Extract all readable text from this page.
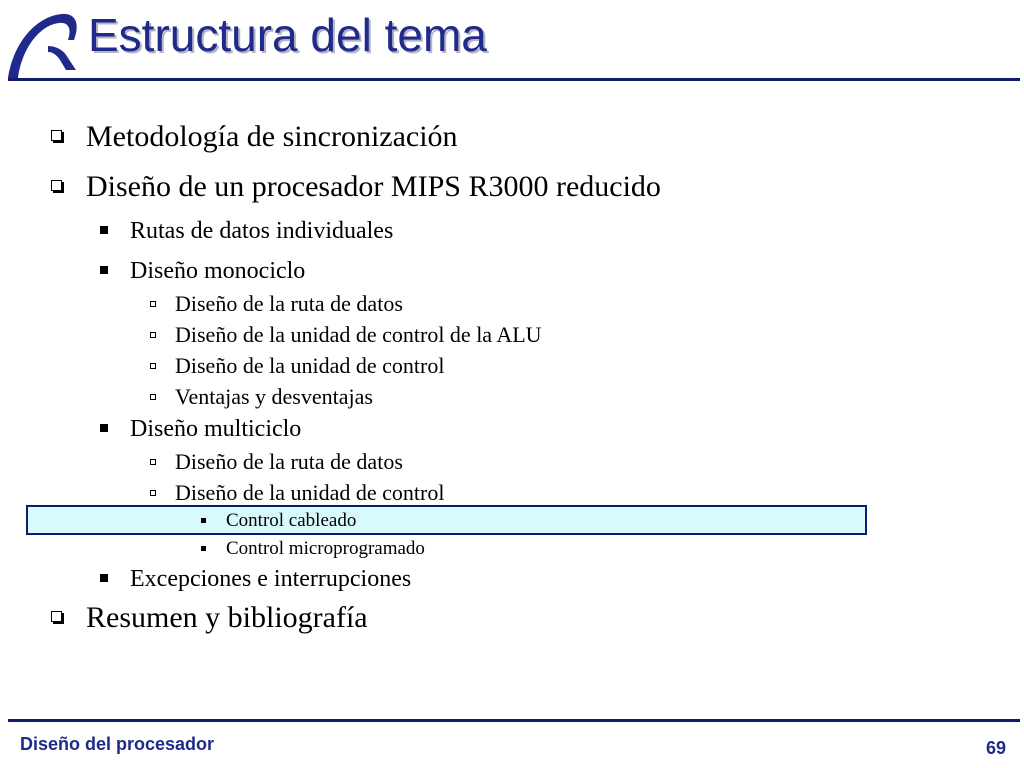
Estructura del tema
Metodología de sincronización
Diseño de un procesador MIPS R3000 reducido
Rutas de datos individuales
Diseño monociclo
Diseño de la ruta de datos
Diseño de la unidad de control de la ALU
Diseño de la unidad de control
Ventajas y desventajas
Diseño multiciclo
Diseño de la ruta de datos
Diseño de la unidad de control
Control cableado
Control microprogramado
Excepciones e interrupciones
Resumen y bibliografía
Diseño del procesador	69
